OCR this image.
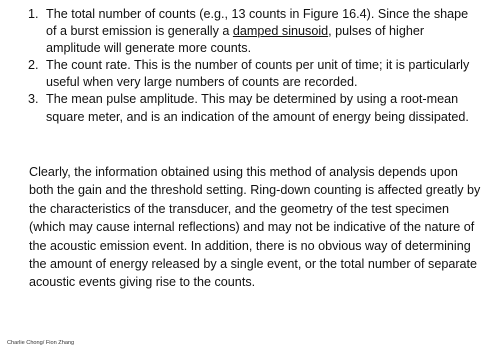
1. The total number of counts (e.g., 13 counts in Figure 16.4). Since the shape of a burst emission is generally a damped sinusoid, pulses of higher amplitude will generate more counts.
2. The count rate. This is the number of counts per unit of time; it is particularly useful when very large numbers of counts are recorded.
3. The mean pulse amplitude. This may be determined by using a root-mean square meter, and is an indication of the amount of energy being dissipated.

Clearly, the information obtained using this method of analysis depends upon both the gain and the threshold setting. Ring-down counting is affected greatly by the characteristics of the transducer, and the geometry of the test specimen (which may cause internal reflections) and may not be indicative of the nature of the acoustic emission event. In addition, there is no obvious way of determining the amount of energy released by a single event, or the total number of separate acoustic events giving rise to the counts.

Charlie Chong/ Fion Zhang
